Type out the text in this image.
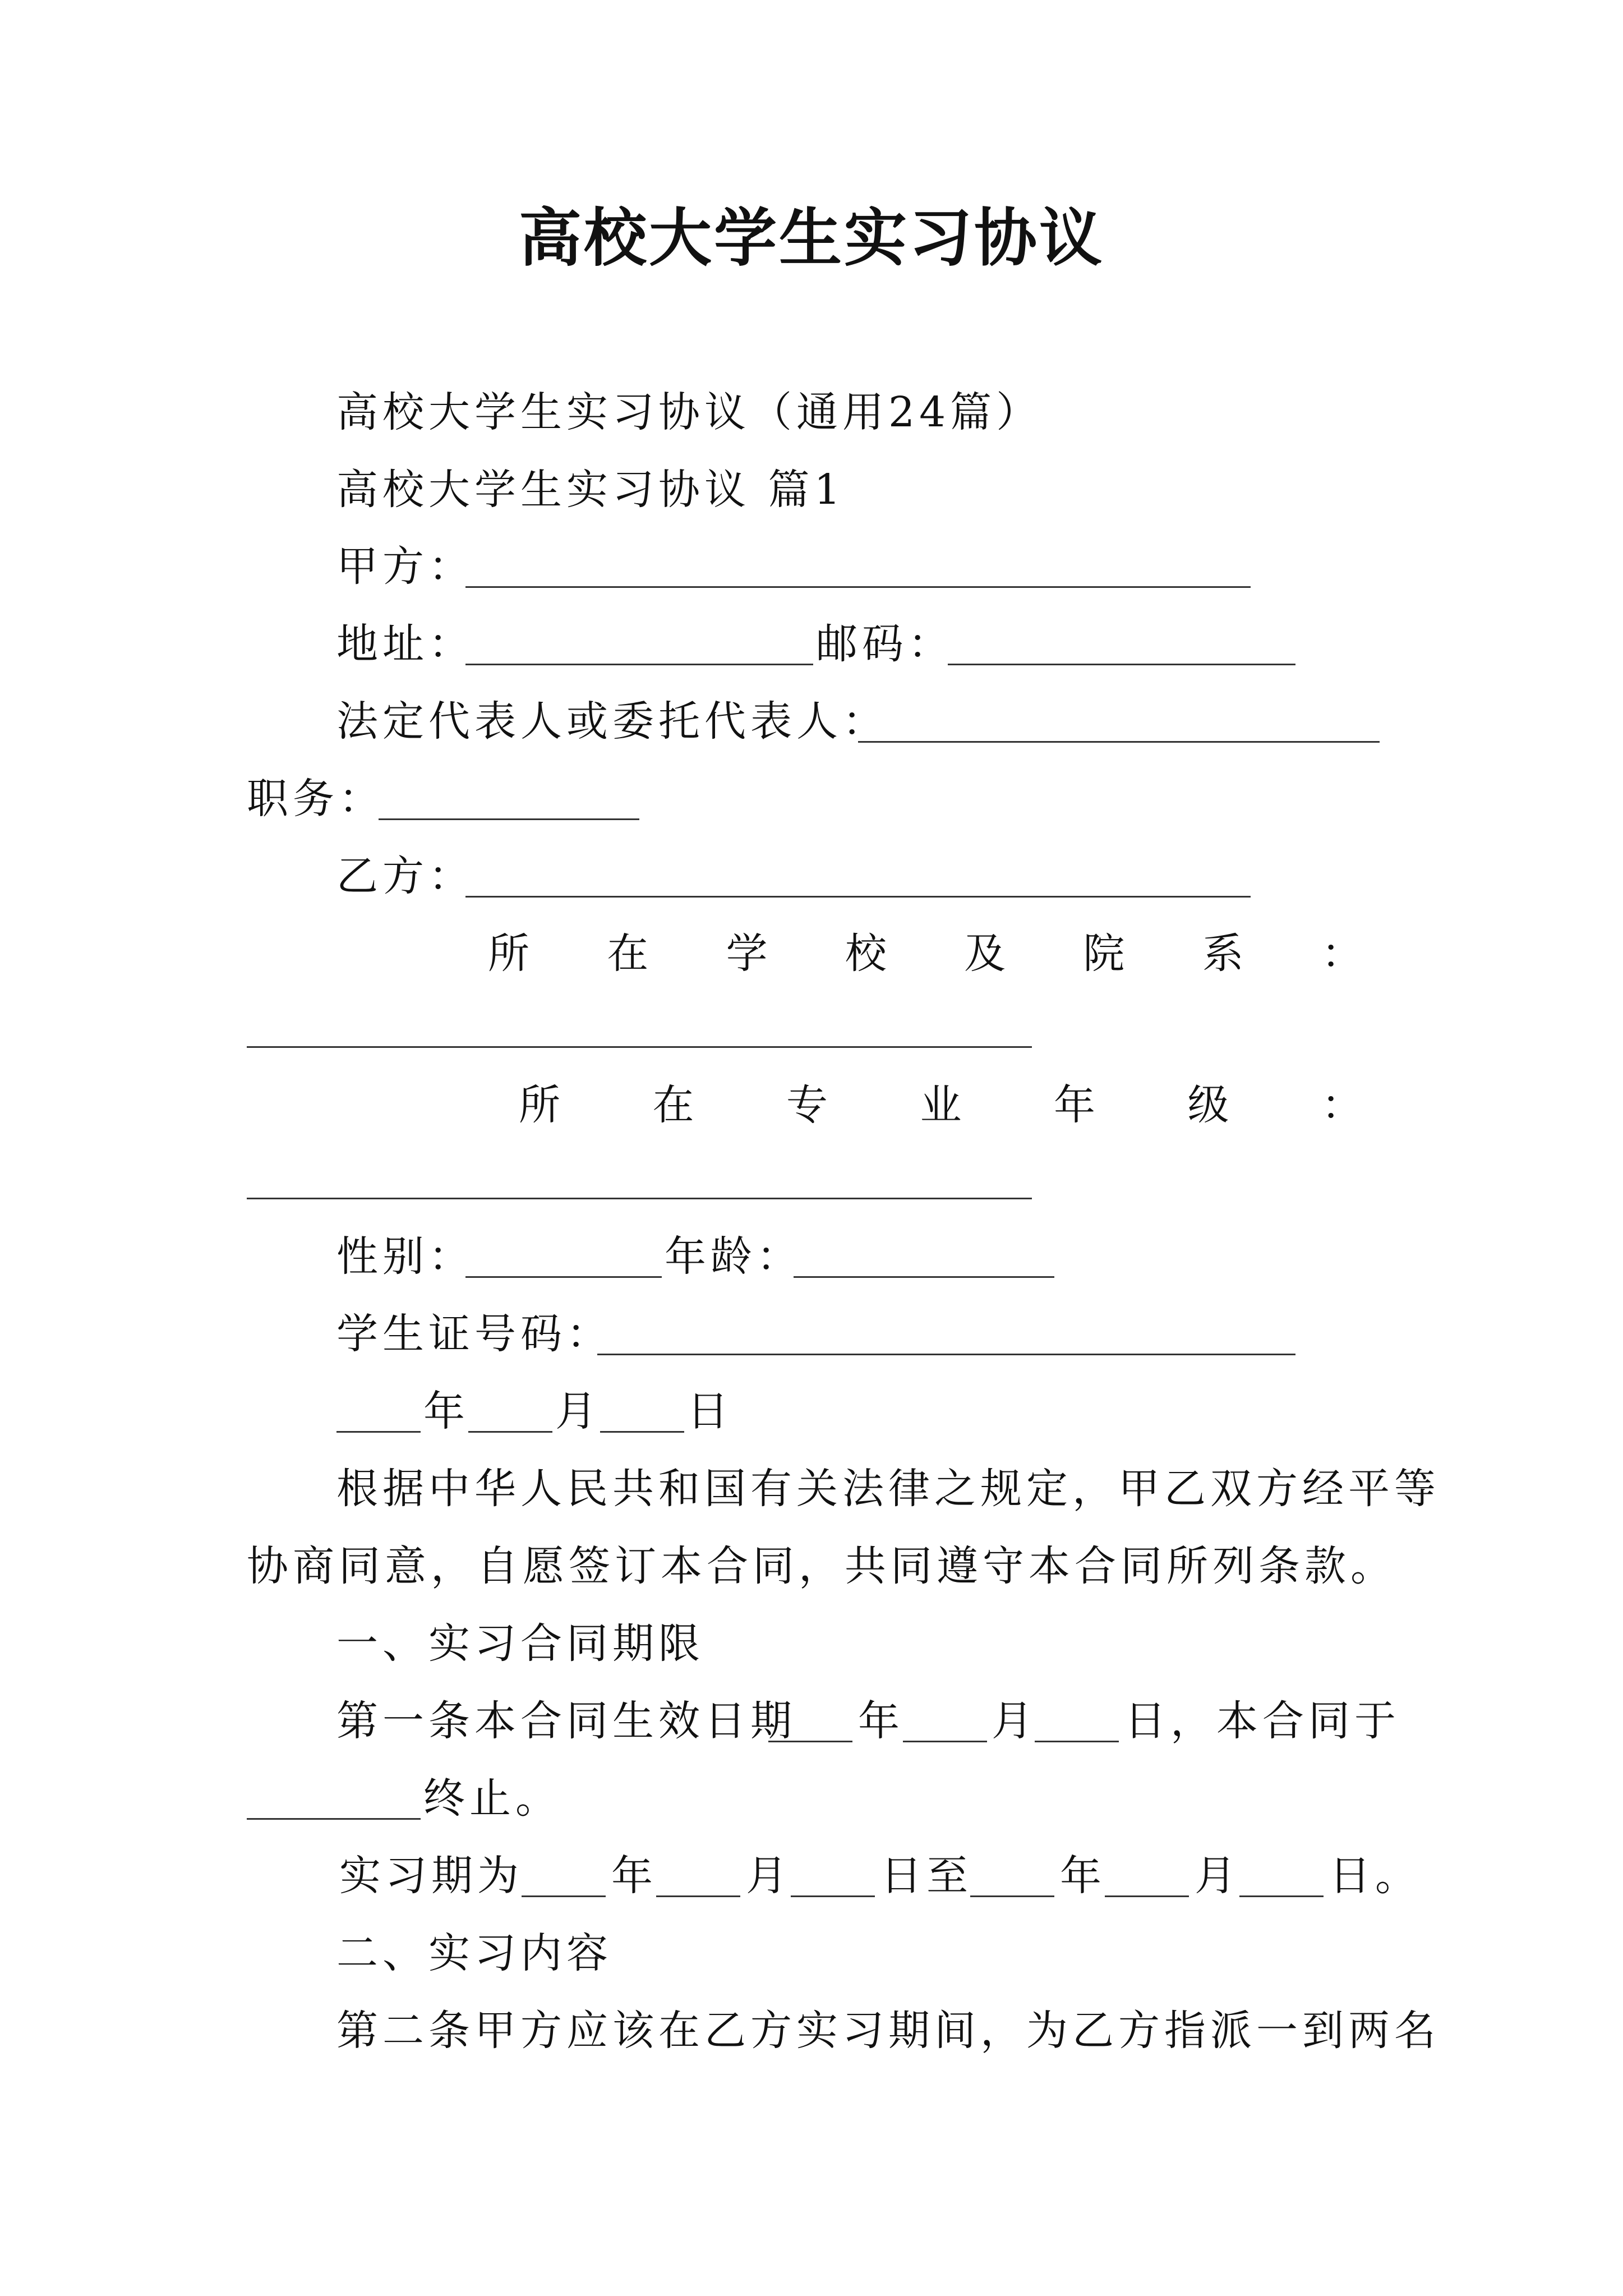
高校大学生实习协议
高校大学生实习协议（通用24篇）
高校大学生实习协议 篇1
甲方：
地址：	邮码：
法定代表人或委托代表人：
职务：
乙方：
所 在 学 校 及 院 系 ：
所 在 专 业 年 级 ：
性别：	年龄：
学生证号码：
年 月 日
根据中华人民共和国有关法律之规定，甲乙双方经平等
协商同意，自愿签订本合同，共同遵守本合同所列条款。
一、实习合同期限
第一条本合同生效日期 年 月 日，本合同于
终止。
实习期为 年 月 日至 年 月 日。
二、实习内容
第二条甲方应该在乙方实习期间，为乙方指派一到两名
